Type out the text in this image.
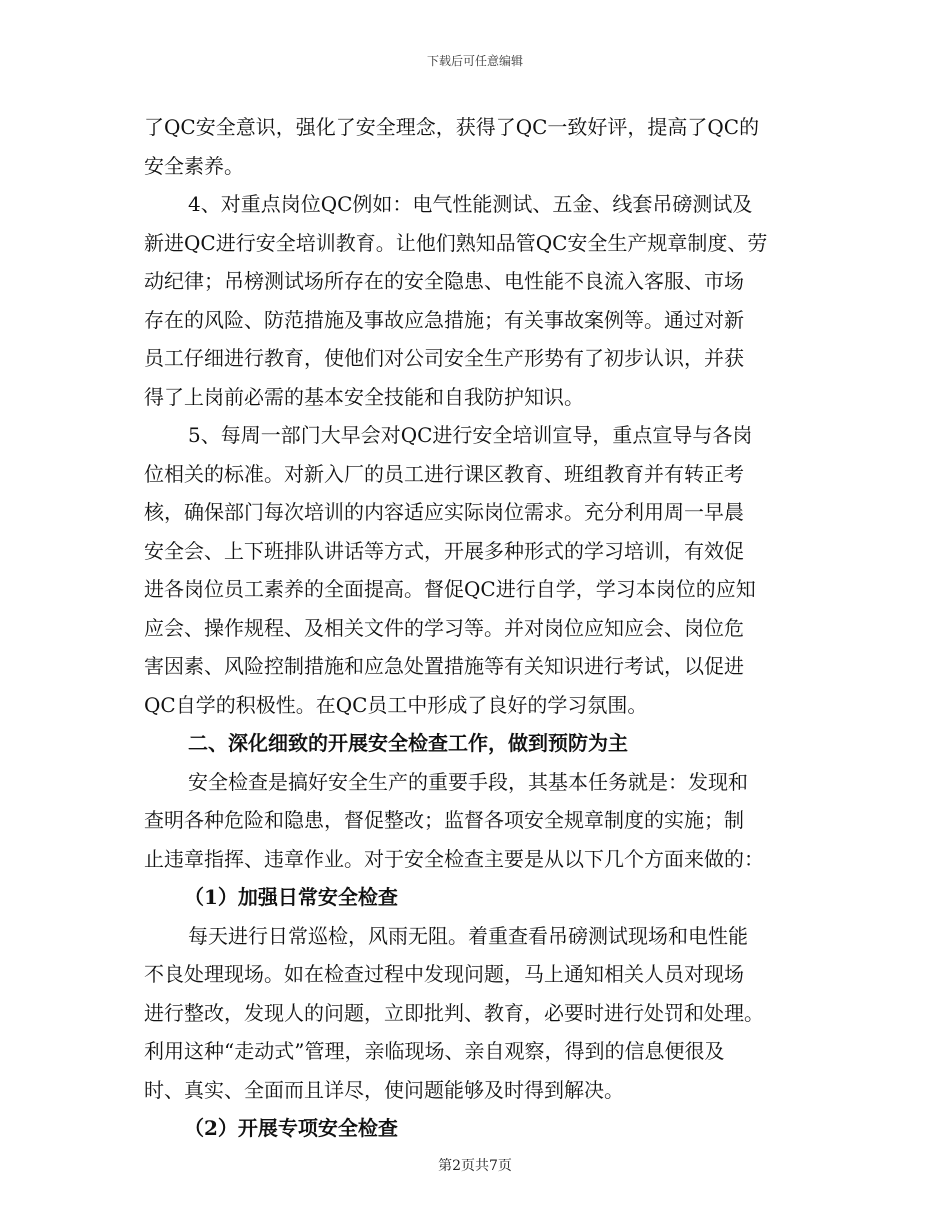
下载后可任意编辑
了QC安全意识，强化了安全理念，获得了QC一致好评，提高了QC的
安全素养。
4、对重点岗位QC例如：电气性能测试、五金、线套吊磅测试及
新进QC进行安全培训教育。让他们熟知品管QC安全生产规章制度、劳
动纪律；吊榜测试场所存在的安全隐患、电性能不良流入客服、市场
存在的风险、防范措施及事故应急措施；有关事故案例等。通过对新
员工仔细进行教育，使他们对公司安全生产形势有了初步认识，并获
得了上岗前必需的基本安全技能和自我防护知识。
5、每周一部门大早会对QC进行安全培训宣导，重点宣导与各岗
位相关的标准。对新入厂的员工进行课区教育、班组教育并有转正考
核，确保部门每次培训的内容适应实际岗位需求。充分利用周一早晨
安全会、上下班排队讲话等方式，开展多种形式的学习培训，有效促
进各岗位员工素养的全面提高。督促QC进行自学，学习本岗位的应知
应会、操作规程、及相关文件的学习等。并对岗位应知应会、岗位危
害因素、风险控制措施和应急处置措施等有关知识进行考试，以促进
QC自学的积极性。在QC员工中形成了良好的学习氛围。
二、深化细致的开展安全检查工作，做到预防为主
安全检查是搞好安全生产的重要手段，其基本任务就是：发现和
查明各种危险和隐患，督促整改；监督各项安全规章制度的实施；制
止违章指挥、违章作业。对于安全检查主要是从以下几个方面来做的：
（1）加强日常安全检查
每天进行日常巡检，风雨无阻。着重查看吊磅测试现场和电性能
不良处理现场。如在检查过程中发现问题，马上通知相关人员对现场
进行整改，发现人的问题，立即批判、教育，必要时进行处罚和处理。
利用这种“走动式”管理，亲临现场、亲自观察，得到的信息便很及
时、真实、全面而且详尽，使问题能够及时得到解决。
（2）开展专项安全检查
第2页共7页
